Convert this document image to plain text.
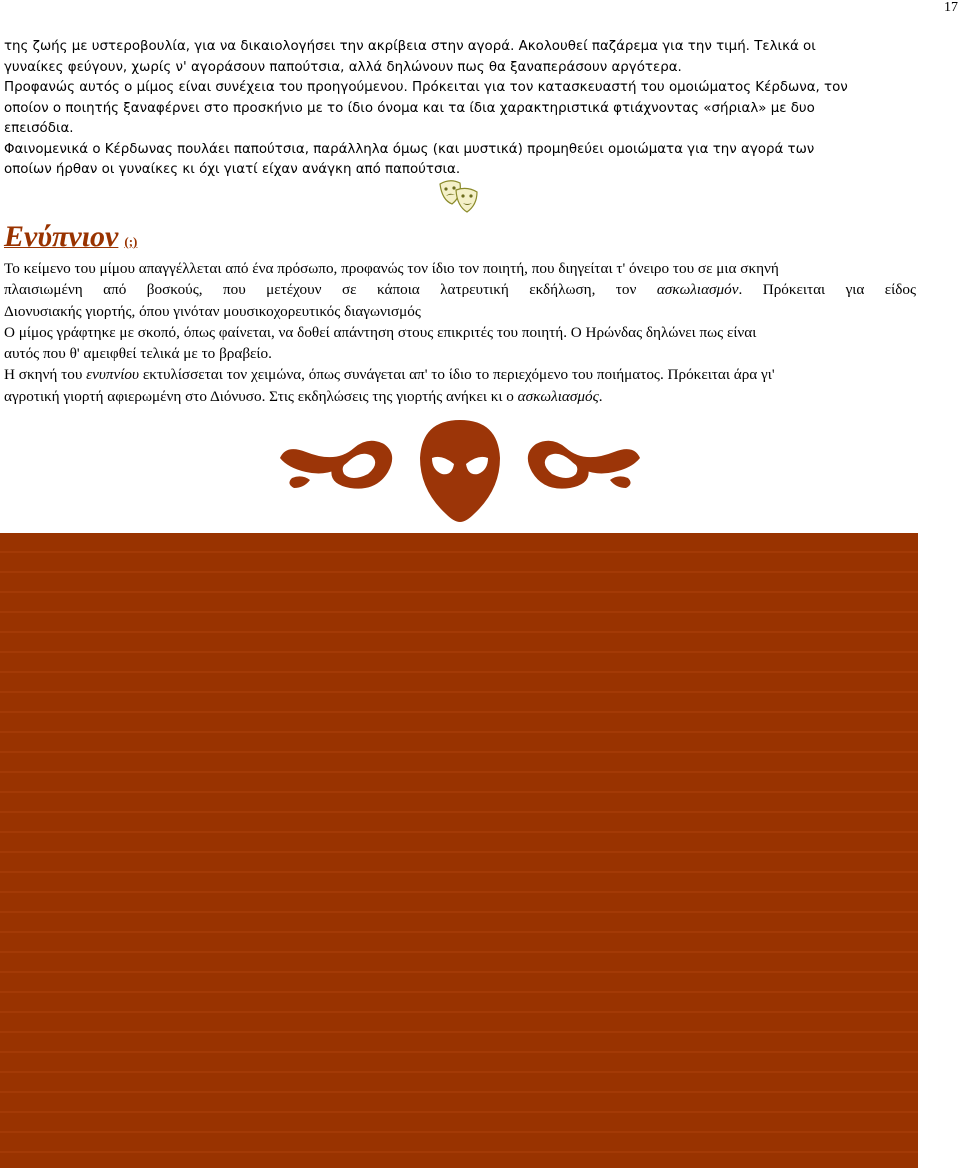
17
της ζωής με υστεροβουλία, για να δικαιολογήσει την ακρίβεια στην αγορά. Ακολουθεί παζάρεμα για την τιμή. Τελικά οι
γυναίκες φεύγουν, χωρίς ν' αγοράσουν παπούτσια, αλλά δηλώνουν πως θα ξαναπεράσουν αργότερα.
Προφανώς αυτός ο μίμος είναι συνέχεια του προηγούμενου. Πρόκειται για τον κατασκευαστή του ομοιώματος Κέρδωνα, τον
οποίον ο ποιητής ξαναφέρνει στο προσκήνιο με το ίδιο όνομα και τα ίδια χαρακτηριστικά φτιάχνοντας «σήριαλ» με δυο
επεισόδια.
Φαινομενικά ο Κέρδωνας πουλάει παπούτσια, παράλληλα όμως (και μυστικά) προμηθεύει ομοιώματα για την αγορά των
οποίων ήρθαν οι γυναίκες κι όχι γιατί είχαν ανάγκη από παπούτσια.
Ενύπνιον (;)
Το κείμενο του μίμου απαγγέλλεται από ένα πρόσωπο, προφανώς τον ίδιο τον ποιητή, που διηγείται τ' όνειρο του σε μια σκηνή
πλαισιωμένη από βοσκούς, που μετέχουν σε κάποια λατρευτική εκδήλωση, τον ασκωλιασμόν. Πρόκειται για είδος
Διονυσιακής γιορτής, όπου γινόταν μουσικοχορευτικός διαγωνισμός
Ο μίμος γράφτηκε με σκοπό, όπως φαίνεται, να δοθεί απάντηση στους επικριτές του ποιητή. Ο Ηρώνδας δηλώνει πως είναι
αυτός που θ' αμειφθεί τελικά με το βραβείο.
Η σκηνή του ενυπνίου εκτυλίσσεται τον χειμώνα, όπως συνάγεται απ' το ίδιο το περιεχόμενο του ποιήματος. Πρόκειται άρα γι'
αγροτική γιορτή αφιερωμένη στο Διόνυσο. Στις εκδηλώσεις της γιορτής ανήκει κι ο ασκωλιασμός.
